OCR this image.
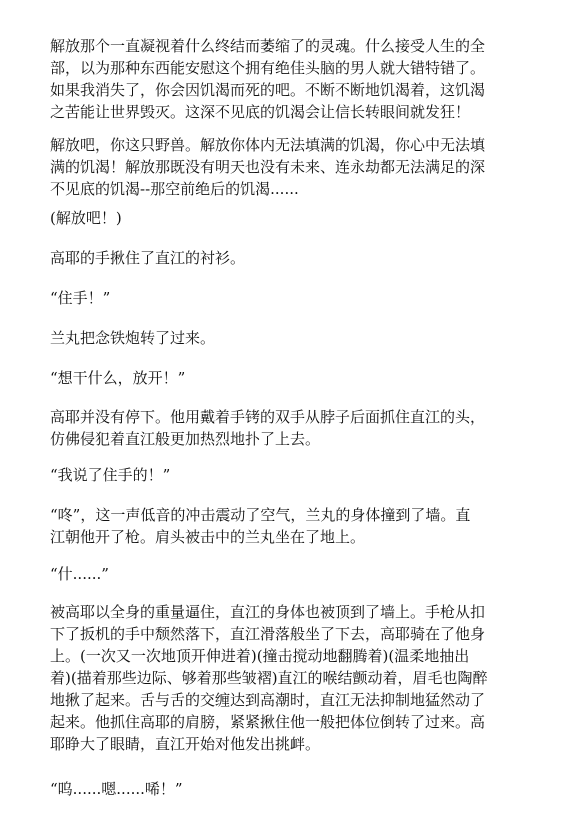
解放那个一直凝视着什么终结而萎缩了的灵魂。什么接受人生的全
部，以为那种东西能安慰这个拥有绝佳头脑的男人就大错特错了。
如果我消失了，你会因饥渴而死的吧。不断不断地饥渴着，这饥渴
之苦能让世界毁灭。这深不见底的饥渴会让信长转眼间就发狂！
解放吧，你这只野兽。解放你体内无法填满的饥渴，你心中无法填
满的饥渴！解放那既没有明天也没有未来、连永劫都无法满足的深
不见底的饥渴--那空前绝后的饥渴......
(解放吧！)
高耶的手揪住了直江的衬衫。
“住手！”
兰丸把念铁炮转了过来。
“想干什么，放开！”
高耶并没有停下。他用戴着手铐的双手从脖子后面抓住直江的头，
仿佛侵犯着直江般更加热烈地扑了上去。
“我说了住手的！”
“咚”，这一声低音的冲击震动了空气，兰丸的身体撞到了墙。直
江朝他开了枪。肩头被击中的兰丸坐在了地上。
“什......”
被高耶以全身的重量逼住，直江的身体也被顶到了墙上。手枪从扣
下了扳机的手中颓然落下，直江滑落般坐了下去，高耶骑在了他身
上。(一次又一次地顶开伸进着)(撞击搅动地翻腾着)(温柔地抽出
着)(描着那些边际、够着那些皱褶)直江的喉结颤动着，眉毛也陶醉
地揪了起来。舌与舌的交缠达到高潮时，直江无法抑制地猛然动了
起来。他抓住高耶的肩膀，紧紧揪住他一般把体位倒转了过来。高
耶睁大了眼睛，直江开始对他发出挑衅。
“呜......嗯......唏！”
